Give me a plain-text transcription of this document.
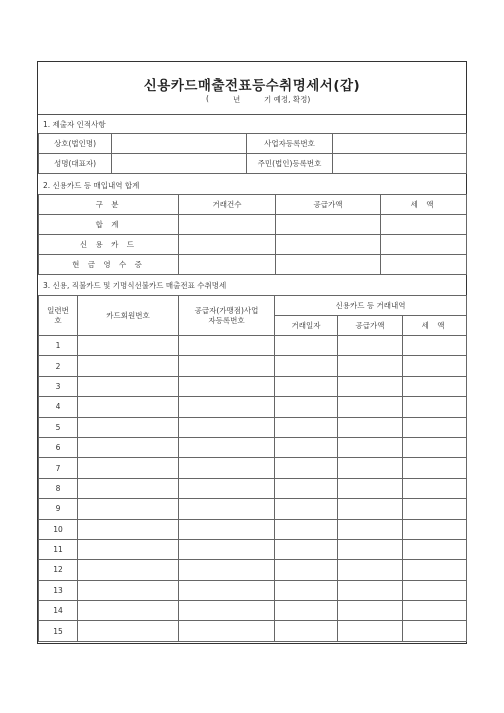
신용카드매출전표등수취명세서(갑)
(	년	기 예정, 확정)
1. 제출자 인적사항
상호(법인명)		사업자등록번호	
성명(대표자)		주민(법인)등록번호	
2. 신용카드 등 매입내역 합계
구 분	거래건수	공급가액	세 액
합 계			
신 용 카 드			
현 금 영 수 증			
3. 신용, 직불카드 및 기명식선불카드 매출전표 수취명세
일련번호	카드회원번호	공급자(가맹점)사업자등록번호	신용카드 등 거래내역		
			거래일자	공급가액	세 액
1					
2					
3					
4					
5					
6					
7					
8					
9					
10					
11					
12					
13					
14					
15					
